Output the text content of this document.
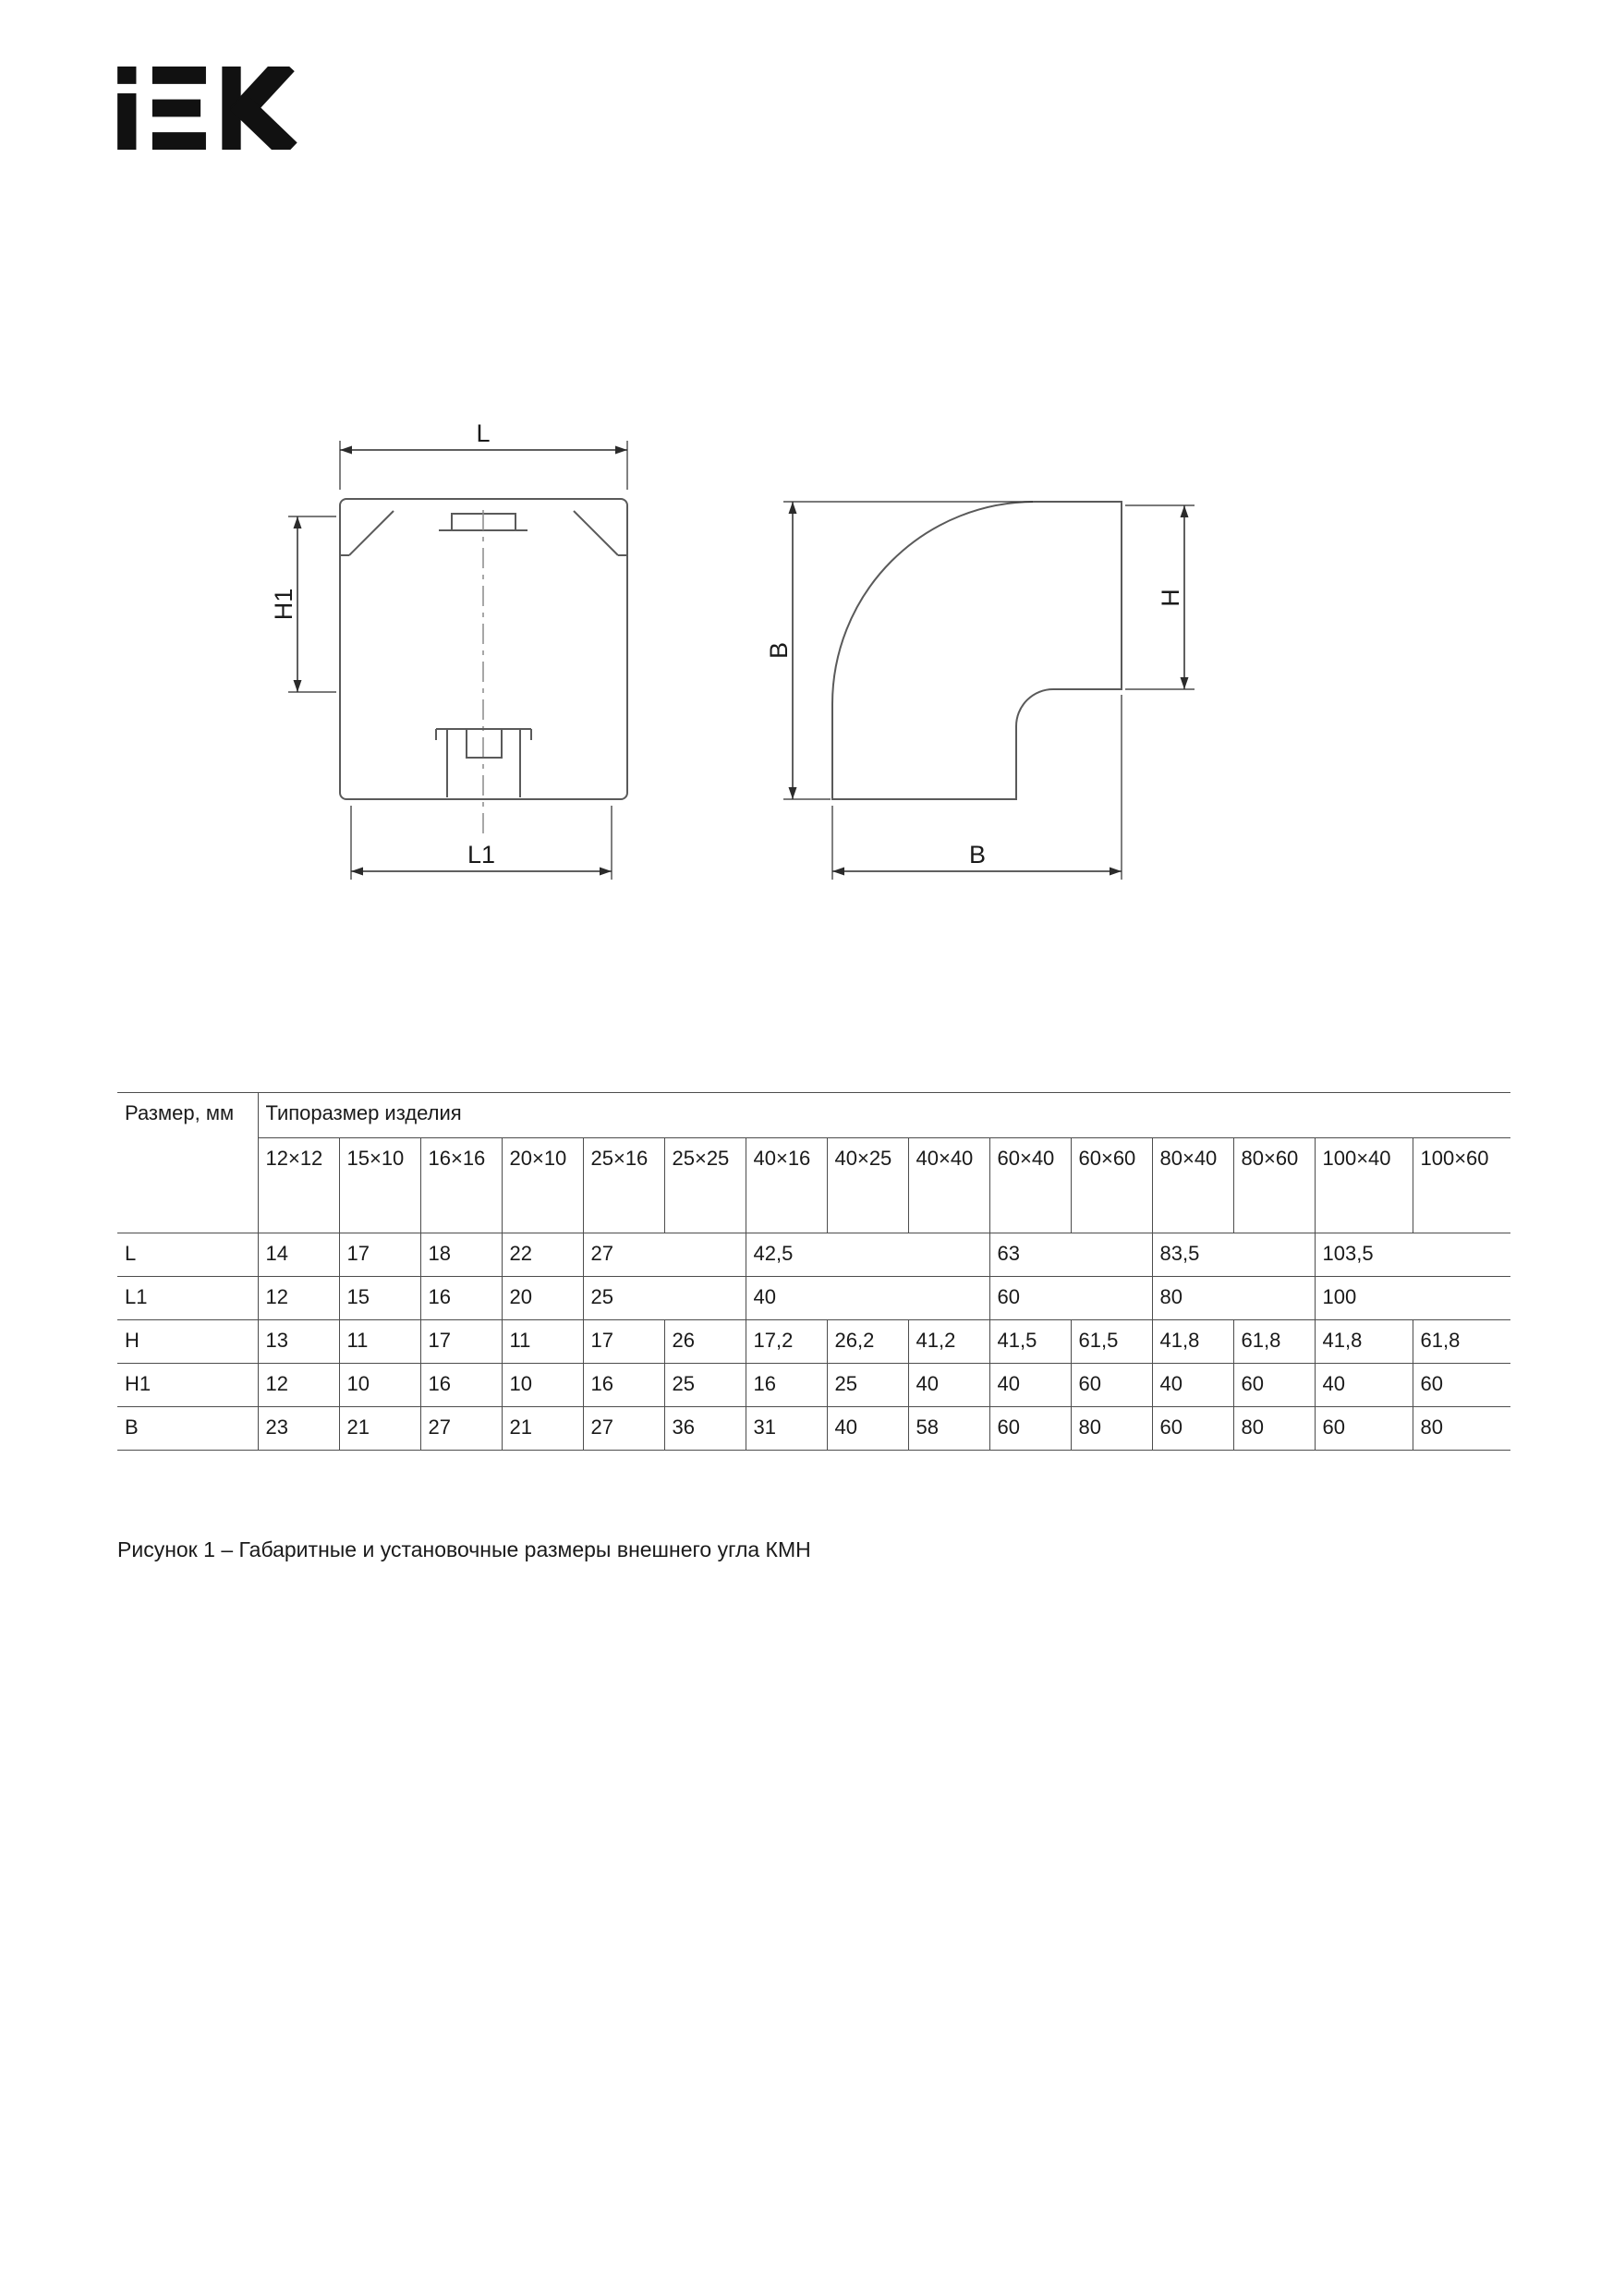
L
H1
L1
B
H
B
Размер, мм	Типоразмер изделия														
	12×12	15×10	16×16	20×10	25×16	25×25	40×16	40×25	40×40	60×40	60×60	80×40	80×60	100×40	100×60
L	14	17	18	22	27		42,5			63		83,5		103,5	
L1	12	15	16	20	25		40			60		80		100	
H	13	11	17	11	17	26	17,2	26,2	41,2	41,5	61,5	41,8	61,8	41,8	61,8
H1	12	10	16	10	16	25	16	25	40	40	60	40	60	40	60
B	23	21	27	21	27	36	31	40	58	60	80	60	80	60	80
Рисунок 1 – Габаритные и установочные размеры внешнего угла КМН
